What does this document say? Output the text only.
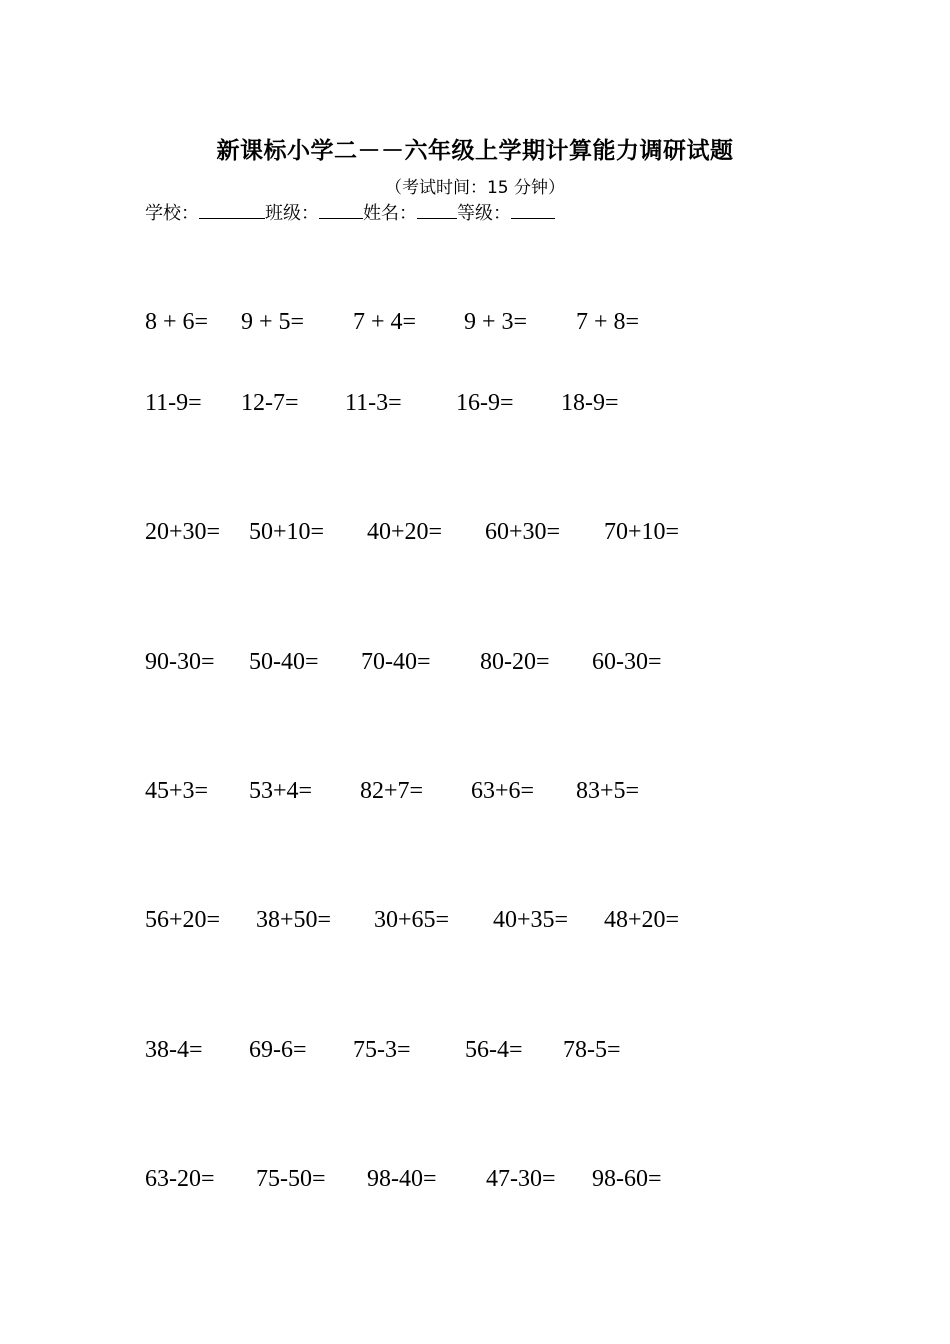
新课标小学二－－六年级上学期计算能力调研试题
（考试时间：15 分钟）
学校：	班级： 姓名： 等级：
8 + 6= 9 + 5= 7 + 4= 9 + 3= 7 + 8=
11-9= 12-7= 11-3= 16-9= 18-9=
20+30= 50+10= 40+20= 60+30= 70+10=
90-30= 50-40= 70-40= 80-20= 60-30=
45+3= 53+4= 82+7= 63+6= 83+5=
56+20= 38+50= 30+65= 40+35= 48+20=
38-4= 69-6= 75-3= 56-4= 78-5=
63-20= 75-50= 98-40= 47-30= 98-60=
